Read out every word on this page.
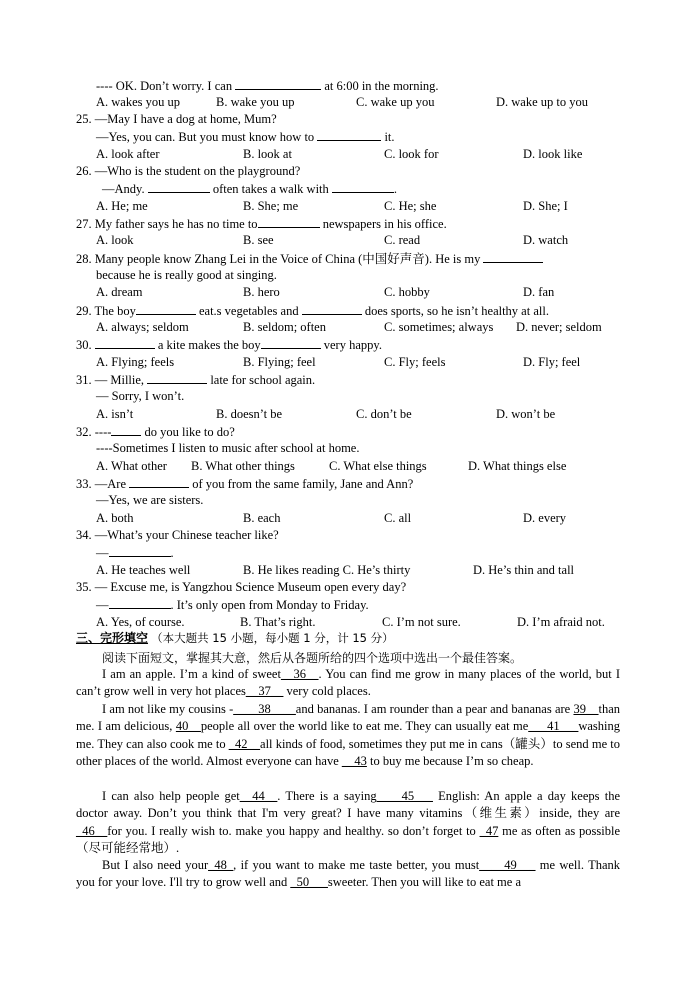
---- OK. Don’t worry. I can	at 6:00 in the morning.
A. wakes you up	B. wake you up	C. wake up you	D. wake up to you
25. —May I have a dog at home, Mum?
—Yes, you can. But you must know how to	it.
A. look after	B. look at	C. look for	D. look like
26. —Who is the student on the playground?
—Andy.	often takes a walk with	.
A. He; me	B. She; me	C. He; she	D. She; I
27. My father says he has no time to	newspapers in his office.
A. look	B. see	C. read	D. watch
28. Many people know Zhang Lei in the Voice of China (中国好声音). He is my
because he is really good at singing.
A. dream	B. hero	C. hobby	D. fan
29. The boy	eat.s vegetables and	does sports, so he isn’t healthy at all.
A. always; seldom	B. seldom; often	C. sometimes; always D. never; seldom
30.	a kite makes the boy	very happy.
A. Flying; feels	B. Flying; feel	C. Fly; feels	D. Fly; feel
31. — Millie,	late for school again.
— Sorry, I won’t.
A. isn’t	B. doesn’t be	C. don’t be	D. won’t be
32. ----	do you like to do?
----Sometimes I listen to music after school at home.
A. What other B. What other things	C. What else things	D. What things else
33. —Are	of you from the same family, Jane and Ann?
—Yes, we are sisters.
A. both	B. each	C. all	D. every
34. —What’s your Chinese teacher like?
—	.
A. He teaches well	B. He likes reading C. He’s thirty	D. He’s thin and tall
35. — Excuse me, is Yangzhou Science Museum open every day?
—	. It’s only open from Monday to Friday.
A. Yes, of course.	B. That’s right.	C. I’m not sure.	D. I’m afraid not.
三、完形填空 （本大题共 15 小题，每小题 1 分，计 15 分）
阅读下面短文，掌握其大意，然后从各题所给的四个选项中选出一个最佳答案。
I am an apple. I’m a kind of sweet__36__. You can find me grow in many places of the world, but I can’t grow well in very hot places__37__ very cold places.
I am not like my cousins -____38____and bananas. I am rounder than a pear and bananas are 39__than me. I am delicious, 40__people all over the world like to eat me. They can usually eat me___41___washing me. They can also cook me to _42__all kinds of food, sometimes they put me in cans（罐头）to send me to other places of the world. Almost everyone can have __43 to buy me because I’m so cheap.
I can also help people get__44__. There is a saying____45___ English: An apple a day keeps the doctor away. Don’t you think that I'm very great? I have many vitamins（维生素）inside, they are _46__for you. I really wish to. make you happy and healthy. so don’t forget to _47 me as often as possible（尽可能经常地）.
But I also need your_48_, if you want to make me taste better, you must____49___ me well. Thank you for your love. I'll try to grow well and _50___sweeter. Then you will like to eat me a
